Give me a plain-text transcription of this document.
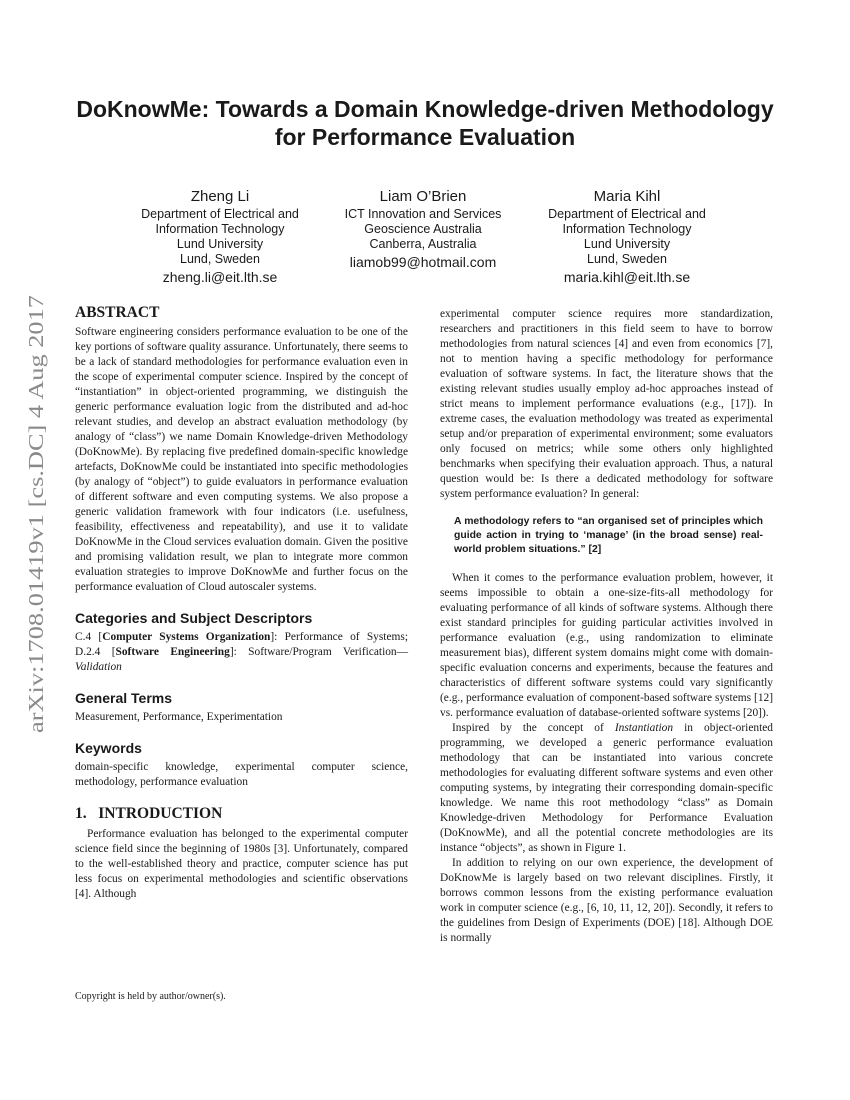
arXiv:1708.01419v1 [cs.DC] 4 Aug 2017
DoKnowMe: Towards a Domain Knowledge-driven Methodology for Performance Evaluation
Zheng Li
Department of Electrical and
Information Technology
Lund University
Lund, Sweden
zheng.li@eit.lth.se
Liam O’Brien
ICT Innovation and Services
Geoscience Australia
Canberra, Australia
liamob99@hotmail.com
Maria Kihl
Department of Electrical and
Information Technology
Lund University
Lund, Sweden
maria.kihl@eit.lth.se
ABSTRACT

Software engineering considers performance evaluation to be one of the key portions of software quality assurance. Unfortunately, there seems to be a lack of standard methodologies for performance evaluation even in the scope of experimental computer science. Inspired by the concept of “instantiation” in object-oriented programming, we distinguish the generic performance evaluation logic from the distributed and ad-hoc relevant studies, and develop an abstract evaluation methodology (by analogy of “class”) we name Domain Knowledge-driven Methodology (DoKnowMe). By replacing five predefined domain-specific knowledge artefacts, DoKnowMe could be instantiated into specific methodologies (by analogy of “object”) to guide evaluators in performance evaluation of different software and even computing systems. We also propose a generic validation framework with four indicators (i.e. usefulness, feasibility, effectiveness and repeatability), and use it to validate DoKnowMe in the Cloud services evaluation domain. Given the positive and promising validation result, we plan to integrate more common evaluation strategies to improve DoKnowMe and further focus on the performance evaluation of Cloud autoscaler systems.

Categories and Subject Descriptors

C.4 [Computer Systems Organization]: Performance of Systems; D.2.4 [Software Engineering]: Software/Program Verification—Validation

General Terms

Measurement, Performance, Experimentation

Keywords

domain-specific knowledge, experimental computer science, methodology, performance evaluation

1.   INTRODUCTION

Performance evaluation has belonged to the experimental computer science field since the beginning of 1980s [3]. Unfortunately, compared to the well-established theory and practice, computer science has put less focus on experimental methodologies and scientific observations [4]. Although

Copyright is held by author/owner(s).

experimental computer science requires more standardization, researchers and practitioners in this field seem to have to borrow methodologies from natural sciences [4] and even from economics [7], not to mention having a specific methodology for performance evaluation of software systems. In fact, the literature shows that the existing relevant studies usually employ ad-hoc approaches instead of strict means to implement performance evaluations (e.g., [17]). In extreme cases, the evaluation methodology was treated as experimental setup and/or preparation of experimental environment; some evaluators only focused on metrics; while some others only highlighted benchmarks when specifying their evaluation approach. Thus, a natural question would be: Is there a dedicated methodology for software system performance evaluation? In general:

A methodology refers to “an organised set of principles which guide action in trying to ‘manage’ (in the broad sense) real-world problem situations.” [2]

When it comes to the performance evaluation problem, however, it seems impossible to obtain a one-size-fits-all methodology for evaluating performance of all kinds of software systems. Although there exist standard principles for guiding particular activities involved in performance evaluation (e.g., using randomization to eliminate measurement bias), different system domains might come with domain-specific evaluation concerns and experiments, because the features and characteristics of different software systems could vary significantly (e.g., performance evaluation of component-based software systems [12] vs. performance evaluation of database-oriented software systems [20]).

Inspired by the concept of Instantiation in object-oriented programming, we developed a generic performance evaluation methodology that can be instantiated into various concrete methodologies for evaluating different software systems and even other computing systems, by integrating their corresponding domain-specific knowledge. We name this root methodology “class” as Domain Knowledge-driven Methodology for Performance Evaluation (DoKnowMe), and all the potential concrete methodologies are its instance “objects”, as shown in Figure 1.

In addition to relying on our own experience, the development of DoKnowMe is largely based on two relevant disciplines. Firstly, it borrows common lessons from the existing performance evaluation work in computer science (e.g., [6, 10, 11, 12, 20]). Secondly, it refers to the guidelines from Design of Experiments (DOE) [18]. Although DOE is normally
